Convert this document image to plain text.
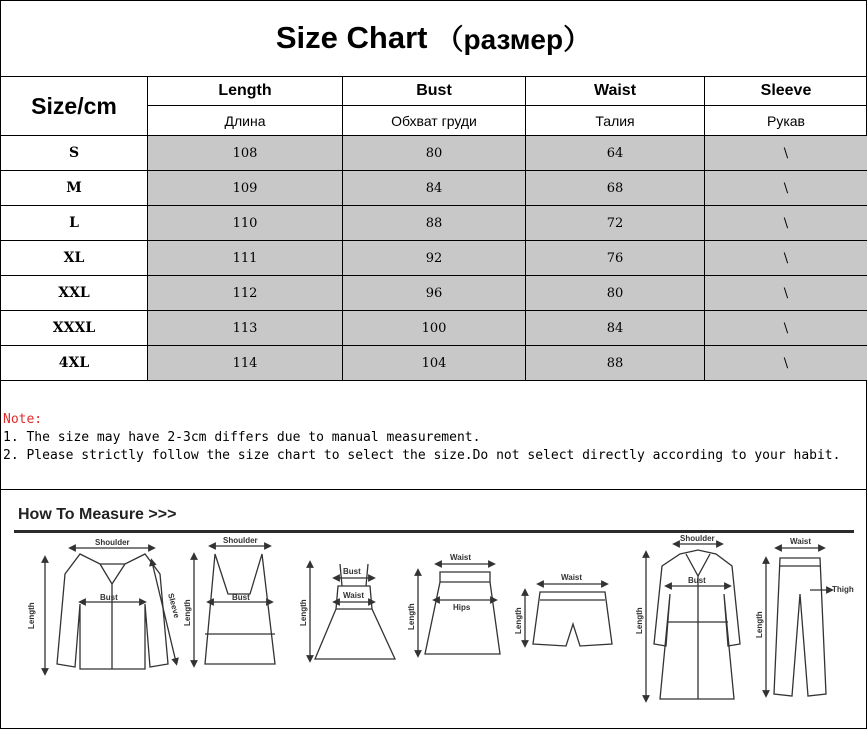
Size Chart （размер）
Size/cm	Length	Bust	Waist	Sleeve
	Длина	Обхват груди	Талия	Рукав
S	108	80	64	\
M	109	84	68	\
L	110	88	72	\
XL	111	92	76	\
XXL	112	96	80	\
XXXL	113	100	84	\
4XL	114	104	88	\
Note:
1. The size may have 2-3cm differs due to manual measurement.
2. Please strictly follow the size chart to select the size.Do not select directly according to your habit.
How To Measure >>>
Shoulder
Bust
Length	Sleeve
Shoulder
Bust
Length
Bust
Waist
Length
Waist
Hips
Length
Waist
Length
Shoulder
Bust
Length
Waist
Thigh
Length
